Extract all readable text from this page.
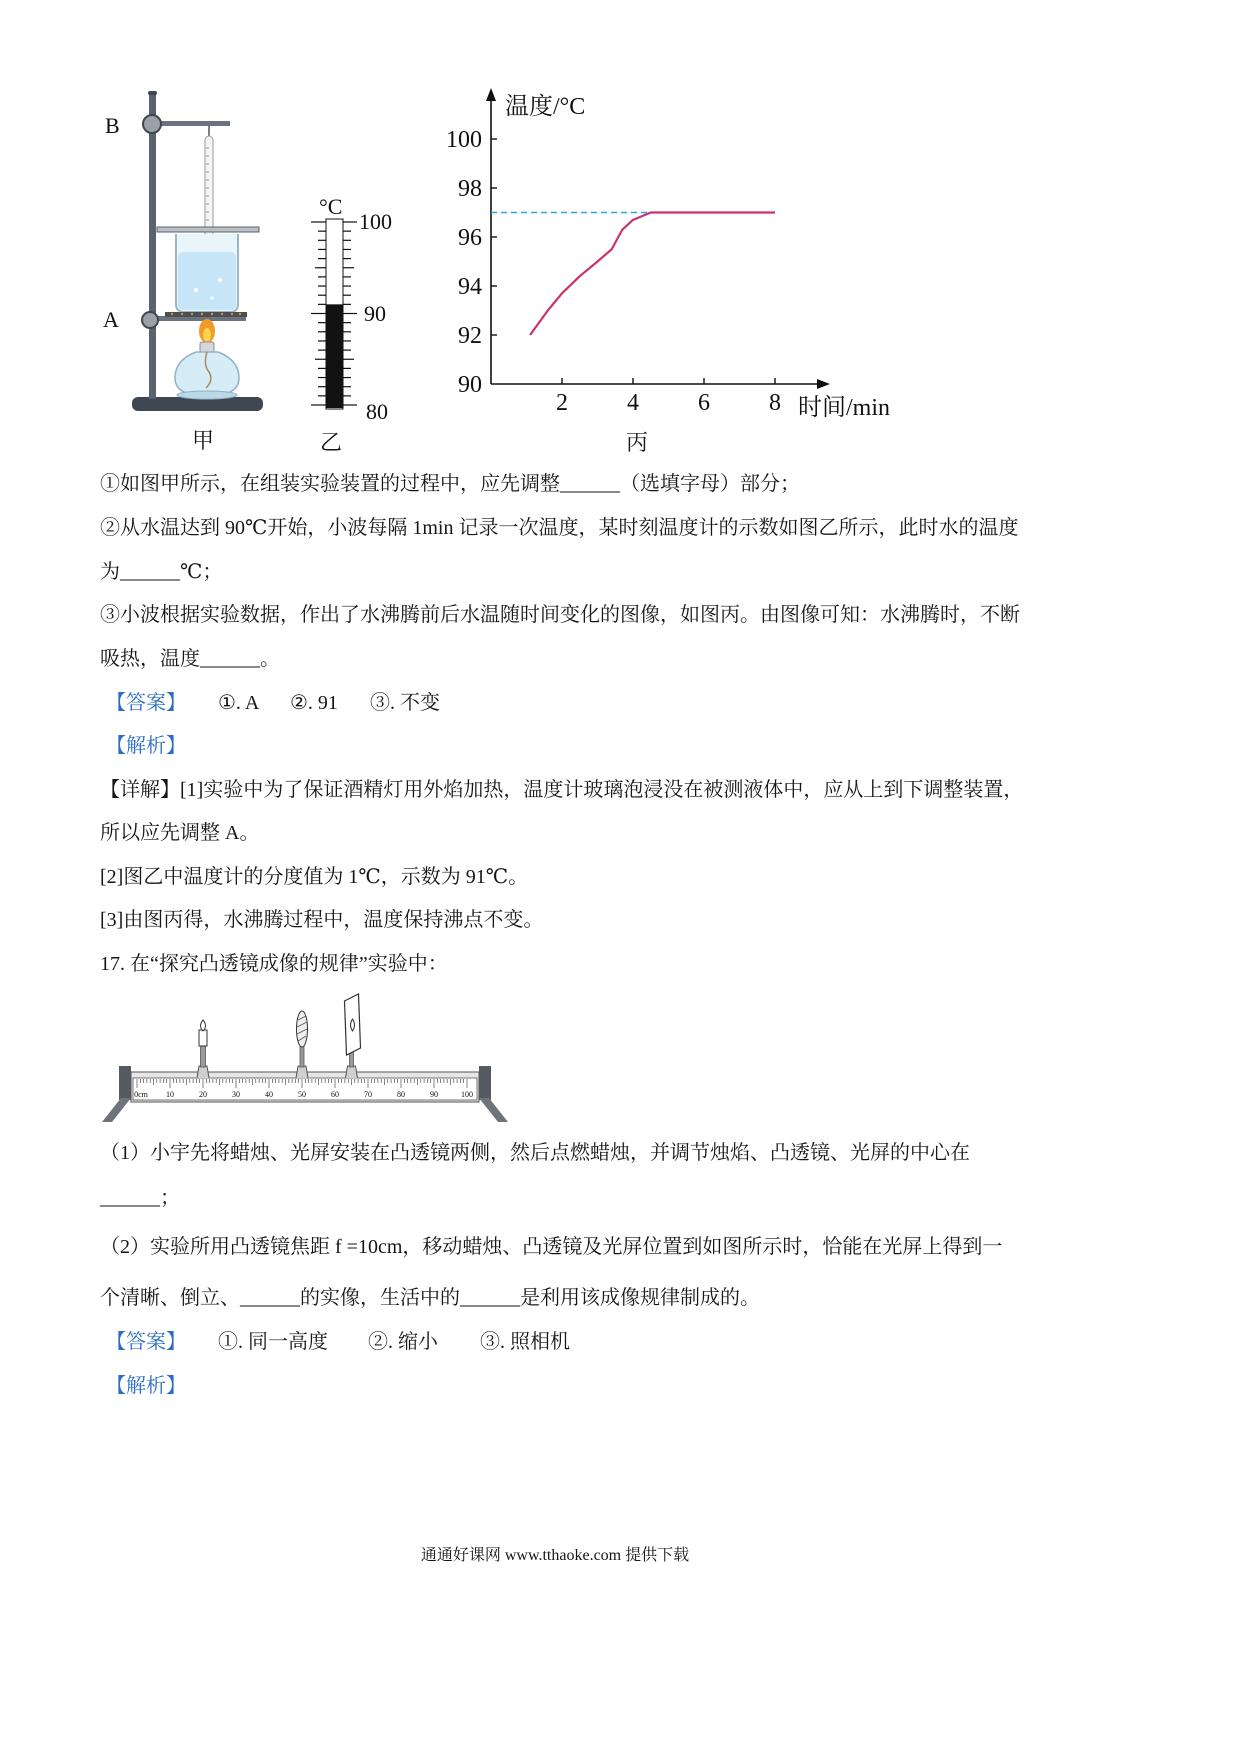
B
A
°C
100
90
80
温度/°C
时间/min
90
92
94
96
98
100
2 4 6 8
甲	乙	丙
①如图甲所示，在组装实验装置的过程中，应先调整______（选填字母）部分；
②从水温达到 90℃开始，小波每隔 1min 记录一次温度，某时刻温度计的示数如图乙所示，此时水的温度
为______℃；
③小波根据实验数据，作出了水沸腾前后水温随时间变化的图像，如图丙。由图像可知：水沸腾时，不断
吸热，温度______。
【答案】 ①. A ②. 91 ③. 不变
【解析】
【详解】[1]实验中为了保证酒精灯用外焰加热，温度计玻璃泡浸没在被测液体中，应从上到下调整装置，
所以应先调整 A。
[2]图乙中温度计的分度值为 1℃，示数为 91℃。
[3]由图丙得，水沸腾过程中，温度保持沸点不变。
17. 在“探究凸透镜成像的规律”实验中：
0cm 10	20	30	40	50	60	70	80	90	100
（1）小宇先将蜡烛、光屏安装在凸透镜两侧，然后点燃蜡烛，并调节烛焰、凸透镜、光屏的中心在
______；
（2）实验所用凸透镜焦距 f =10cm，移动蜡烛、凸透镜及光屏位置到如图所示时，恰能在光屏上得到一
个清晰、倒立、______的实像，生活中的______是利用该成像规律制成的。
【答案】 ①. 同一高度 ②. 缩小 ③. 照相机
【解析】
通通好课网 www.tthaoke.com 提供下载
